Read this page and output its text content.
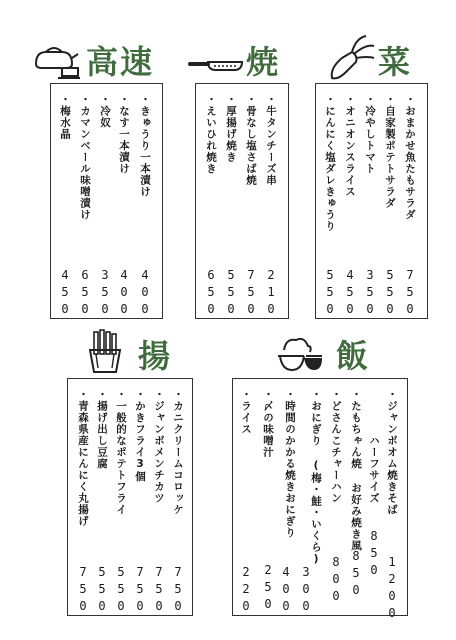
高速
・きゅうり一本漬け
・なす一本漬け
・冷奴
・カマンベール味噌漬け
・梅水晶
400
400
350
650
450
焼
・牛タンチーズ串
・骨なし塩さば焼
・厚揚げ焼き
・えいひれ焼き
210
750
550
650
菜
・おまかせ魚たもサラダ
・自家製ポテトサラダ
・冷やしトマト
・オニオンスライス
・にんにく塩ダレきゅうり
750
550
350
450
550
揚
・カニクリームコロッケ
・ジャンボメンチカツ
・かきフライ3個
・一般的なポテトフライ
・揚げ出し豆腐
・青森県産にんにく丸揚げ
750
750
750
550
550
750
飯
・ジャンボオム焼きそば
ハーフサイズ
・たもちゃん焼 お好み焼き風
・どさんこチャーハン
・おにぎり (梅・鮭・いくら)
・時間のかかる焼きおにぎり
・〆の味噌汁
・ライス
1200
850
850
800
300
400
250
220
